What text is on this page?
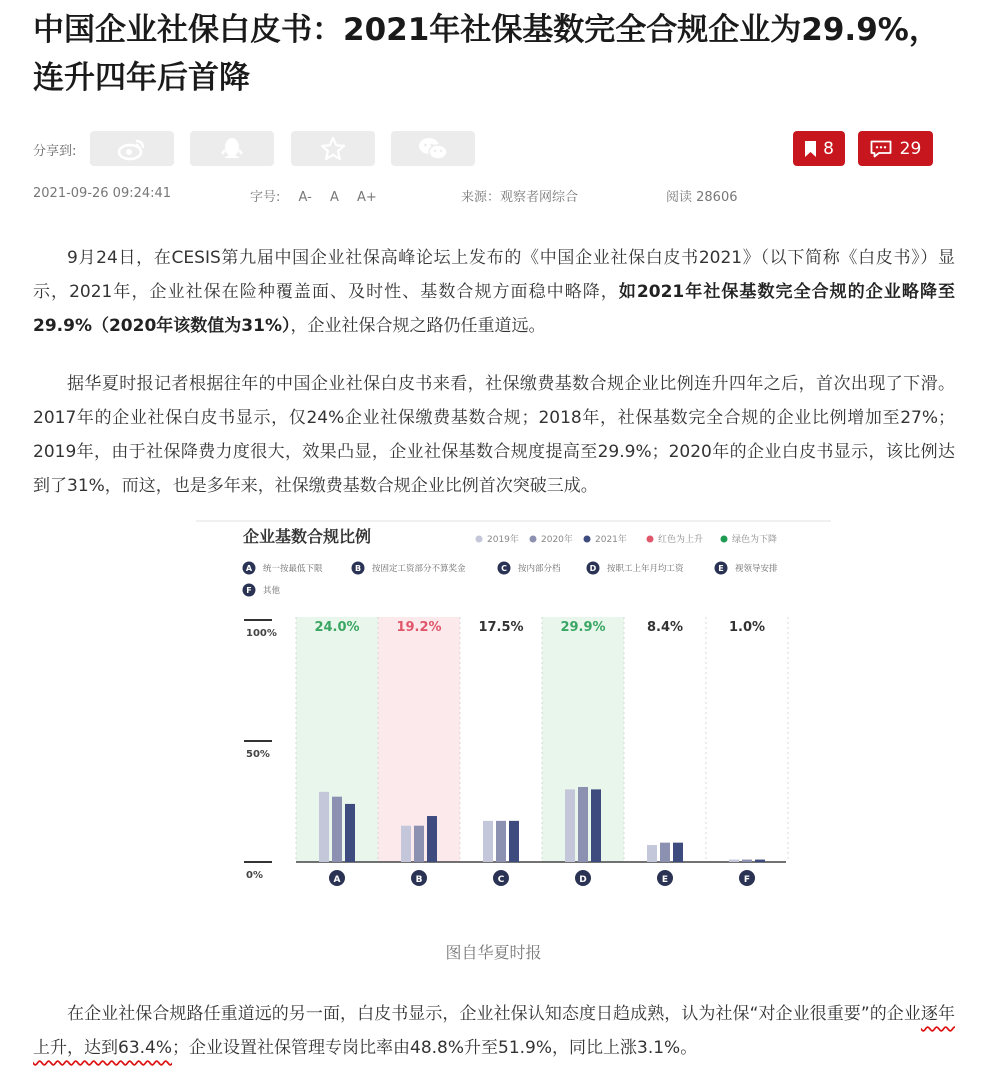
中国企业社保白皮书：2021年社保基数完全合规企业为29.9%，连升四年后首降
分享到:	8	29
2021-09-26 09:24:41	字号: A- A A+	来源：观察者网综合	阅读 28606

9月24日，在CESIS第九届中国企业社保高峰论坛上发布的《中国企业社保白皮书2021》（以下简称《白皮书》）显示，2021年，企业社保在险种覆盖面、及时性、基数合规方面稳中略降，如2021年社保基数完全合规的企业略降至29.9%（2020年该数值为31%），企业社保合规之路仍任重道远。

据华夏时报记者根据往年的中国企业社保白皮书来看，社保缴费基数合规企业比例连升四年之后，首次出现了下滑。2017年的企业社保白皮书显示，仅24%企业社保缴费基数合规；2018年，社保基数完全合规的企业比例增加至27%；2019年，由于社保降费力度很大，效果凸显，企业社保基数合规度提高至29.9%；2020年的企业白皮书显示，该比例达到了31%，而这，也是多年来，社保缴费基数合规企业比例首次突破三成。

企业基数合规比例
100%
50%
0%
24.0%	19.2%	17.5%	29.9%	8.4%	1.0%
A	B	C	D	E	F
2019年 2020年 2021年	红色为上升	绿色为下降
A 统一按最低下限	B 按固定工资部分不算奖金	C 按内部分档	D 按职工上年月均工资	E 视领导安排
F 其他
图自华夏时报

在企业社保合规路任重道远的另一面，白皮书显示，企业社保认知态度日趋成熟，认为社保“对企业很重要”的企业逐年上升，达到63.4%；企业设置社保管理专岗比率由48.8%升至51.9%，同比上涨3.1%。
